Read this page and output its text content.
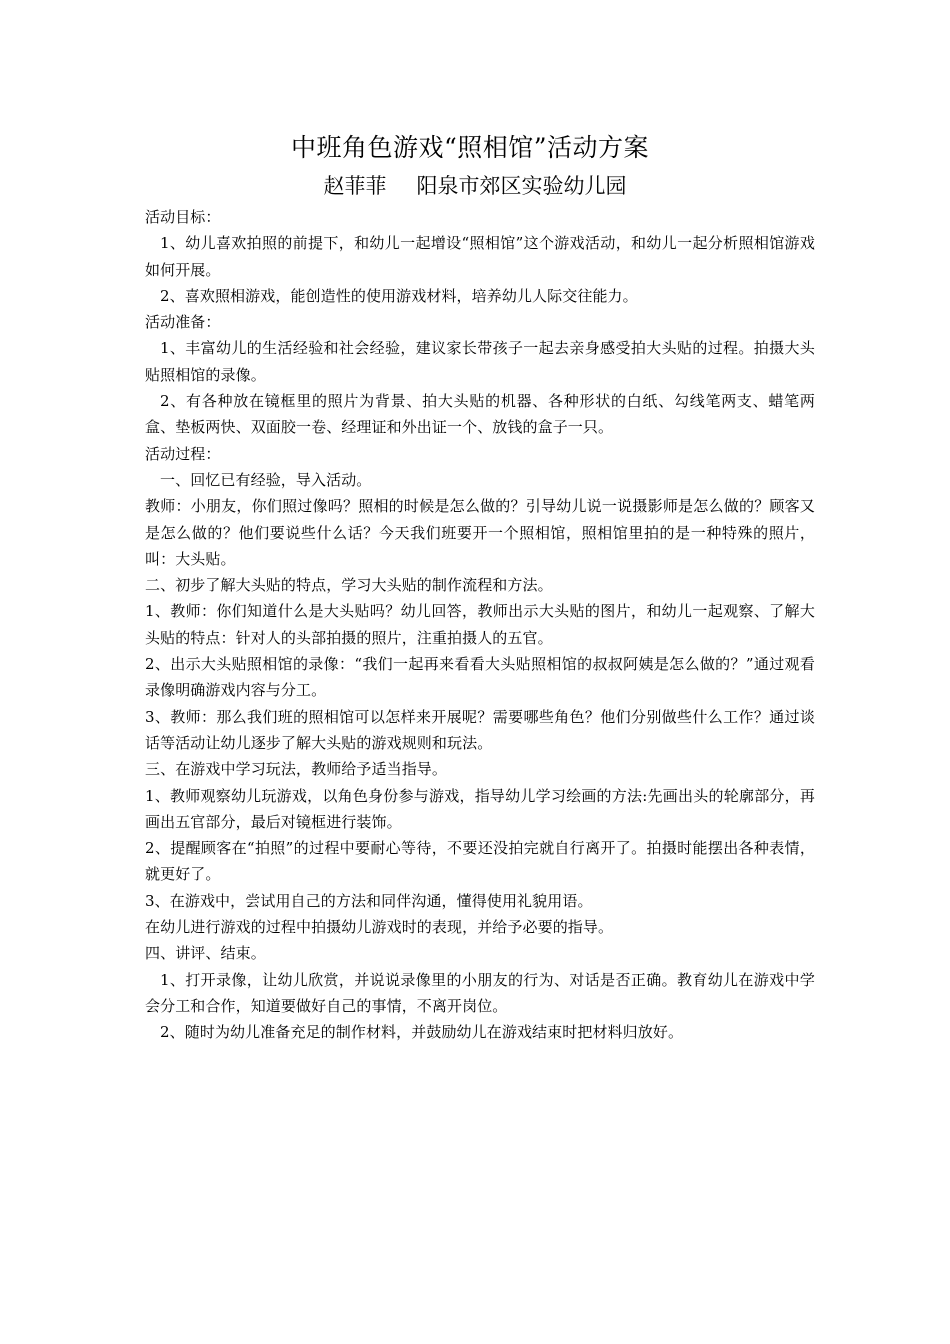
中班角色游戏“照相馆”活动方案
赵菲菲 阳泉市郊区实验幼儿园

活动目标：

1、幼儿喜欢拍照的前提下，和幼儿一起增设“照相馆”这个游戏活动，和幼儿一起分析照相馆游戏如何开展。

2、喜欢照相游戏，能创造性的使用游戏材料，培养幼儿人际交往能力。

活动准备：

1、丰富幼儿的生活经验和社会经验，建议家长带孩子一起去亲身感受拍大头贴的过程。拍摄大头贴照相馆的录像。

2、有各种放在镜框里的照片为背景、拍大头贴的机器、各种形状的白纸、勾线笔两支、蜡笔两盒、垫板两快、双面胶一卷、经理证和外出证一个、放钱的盒子一只。

活动过程：

一、回忆已有经验，导入活动。

教师：小朋友，你们照过像吗？照相的时候是怎么做的？引导幼儿说一说摄影师是怎么做的？顾客又是怎么做的？他们要说些什么话？今天我们班要开一个照相馆，照相馆里拍的是一种特殊的照片，叫：大头贴。

二、初步了解大头贴的特点，学习大头贴的制作流程和方法。

1、教师：你们知道什么是大头贴吗？幼儿回答，教师出示大头贴的图片，和幼儿一起观察、了解大头贴的特点：针对人的头部拍摄的照片，注重拍摄人的五官。

2、出示大头贴照相馆的录像：“我们一起再来看看大头贴照相馆的叔叔阿姨是怎么做的？”通过观看录像明确游戏内容与分工。

3、教师：那么我们班的照相馆可以怎样来开展呢？需要哪些角色？他们分别做些什么工作？通过谈话等活动让幼儿逐步了解大头贴的游戏规则和玩法。

三、在游戏中学习玩法，教师给予适当指导。

1、教师观察幼儿玩游戏，以角色身份参与游戏，指导幼儿学习绘画的方法:先画出头的轮廓部分，再画出五官部分，最后对镜框进行装饰。

2、提醒顾客在“拍照”的过程中要耐心等待，不要还没拍完就自行离开了。拍摄时能摆出各种表情，就更好了。

3、在游戏中，尝试用自己的方法和同伴沟通，懂得使用礼貌用语。

在幼儿进行游戏的过程中拍摄幼儿游戏时的表现，并给予必要的指导。

四、讲评、结束。

1、打开录像，让幼儿欣赏，并说说录像里的小朋友的行为、对话是否正确。教育幼儿在游戏中学会分工和合作，知道要做好自己的事情，不离开岗位。

2、随时为幼儿准备充足的制作材料，并鼓励幼儿在游戏结束时把材料归放好。
